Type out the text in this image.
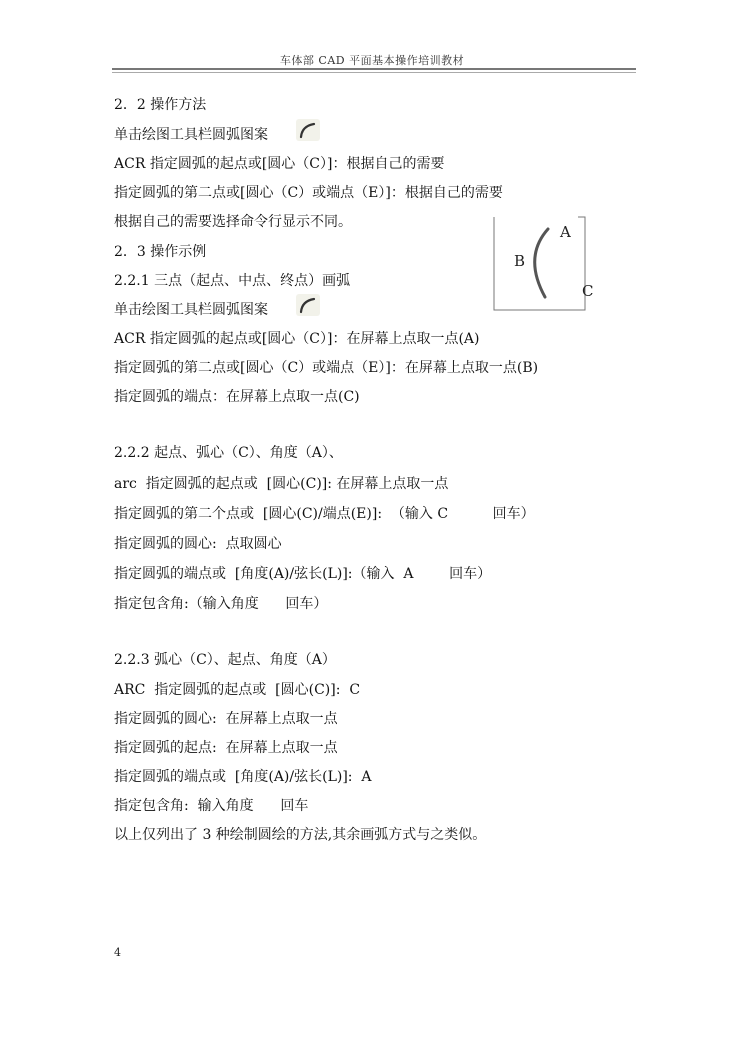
车体部 CAD 平面基本操作培训教材
2．2 操作方法
单击绘图工具栏圆弧图案
ACR 指定圆弧的起点或[圆心（C）]：根据自己的需要
指定圆弧的第二点或[圆心（C）或端点（E）]：根据自己的需要
根据自己的需要选择命令行显示不同。
2．3 操作示例
2.2.1 三点（起点、中点、终点）画弧
单击绘图工具栏圆弧图案
ACR 指定圆弧的起点或[圆心（C）]：在屏幕上点取一点(A)
指定圆弧的第二点或[圆心（C）或端点（E）]：在屏幕上点取一点(B)
指定圆弧的端点：在屏幕上点取一点(C)
A
B
C
2.2.2 起点、弧心（C）、角度（A）、
arc  指定圆弧的起点或  [圆心(C)]: 在屏幕上点取一点
指定圆弧的第二个点或  [圆心(C)/端点(E)]:  （输入 C          回车）
指定圆弧的圆心:  点取圆心
指定圆弧的端点或  [角度(A)/弦长(L)]:（输入  A        回车）
指定包含角:（输入角度      回车）
2.2.3 弧心（C）、起点、角度（A）
ARC  指定圆弧的起点或  [圆心(C)]:  C
指定圆弧的圆心:  在屏幕上点取一点
指定圆弧的起点:  在屏幕上点取一点
指定圆弧的端点或  [角度(A)/弦长(L)]:  A
指定包含角:  输入角度      回车
以上仅列出了 3 种绘制圆绘的方法,其余画弧方式与之类似。
4
